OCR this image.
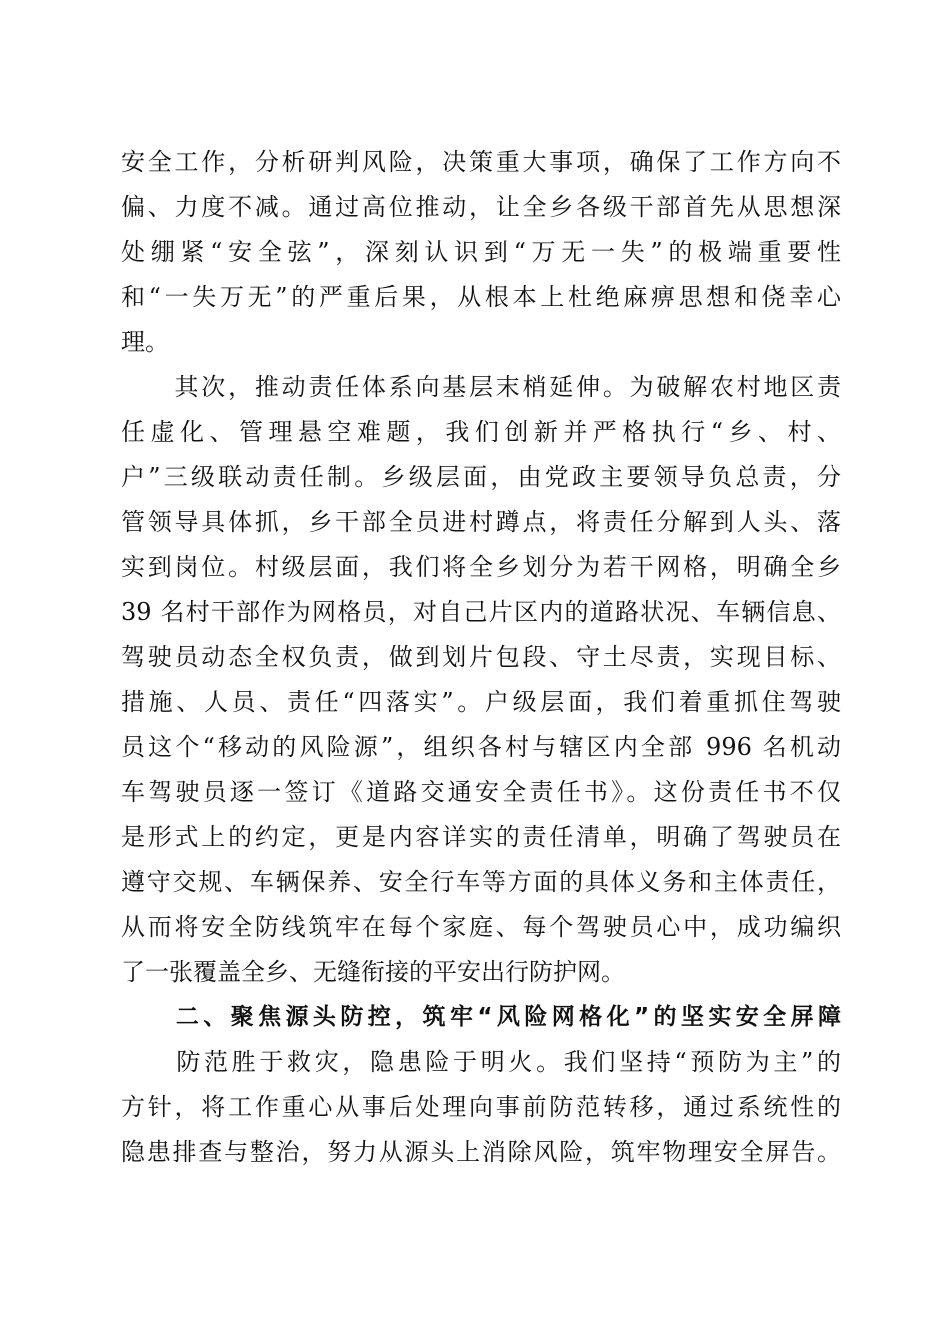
安全工作，分析研判风险，决策重大事项，确保了工作方向不
偏、力度不减。通过高位推动，让全乡各级干部首先从思想深
处绷紧“安全弦”，深刻认识到“万无一失”的极端重要性
和“一失万无”的严重后果，从根本上杜绝麻痹思想和侥幸心
理。
　　其次，推动责任体系向基层末梢延伸。为破解农村地区责
任虚化、管理悬空难题，我们创新并严格执行“乡、村、
户”三级联动责任制。乡级层面，由党政主要领导负总责，分
管领导具体抓，乡干部全员进村蹲点，将责任分解到人头、落
实到岗位。村级层面，我们将全乡划分为若干网格，明确全乡
39 名村干部作为网格员，对自己片区内的道路状况、车辆信息、
驾驶员动态全权负责，做到划片包段、守土尽责，实现目标、
措施、人员、责任“四落实”。户级层面，我们着重抓住驾驶
员这个“移动的风险源”，组织各村与辖区内全部 996 名机动
车驾驶员逐一签订《道路交通安全责任书》。这份责任书不仅
是形式上的约定，更是内容详实的责任清单，明确了驾驶员在
遵守交规、车辆保养、安全行车等方面的具体义务和主体责任，
从而将安全防线筑牢在每个家庭、每个驾驶员心中，成功编织
了一张覆盖全乡、无缝衔接的平安出行防护网。
　　二、聚焦源头防控，筑牢“风险网格化”的坚实安全屏障
　　防范胜于救灾，隐患险于明火。我们坚持“预防为主”的
方针，将工作重心从事后处理向事前防范转移，通过系统性的
隐患排查与整治，努力从源头上消除风险，筑牢物理安全屏告。
